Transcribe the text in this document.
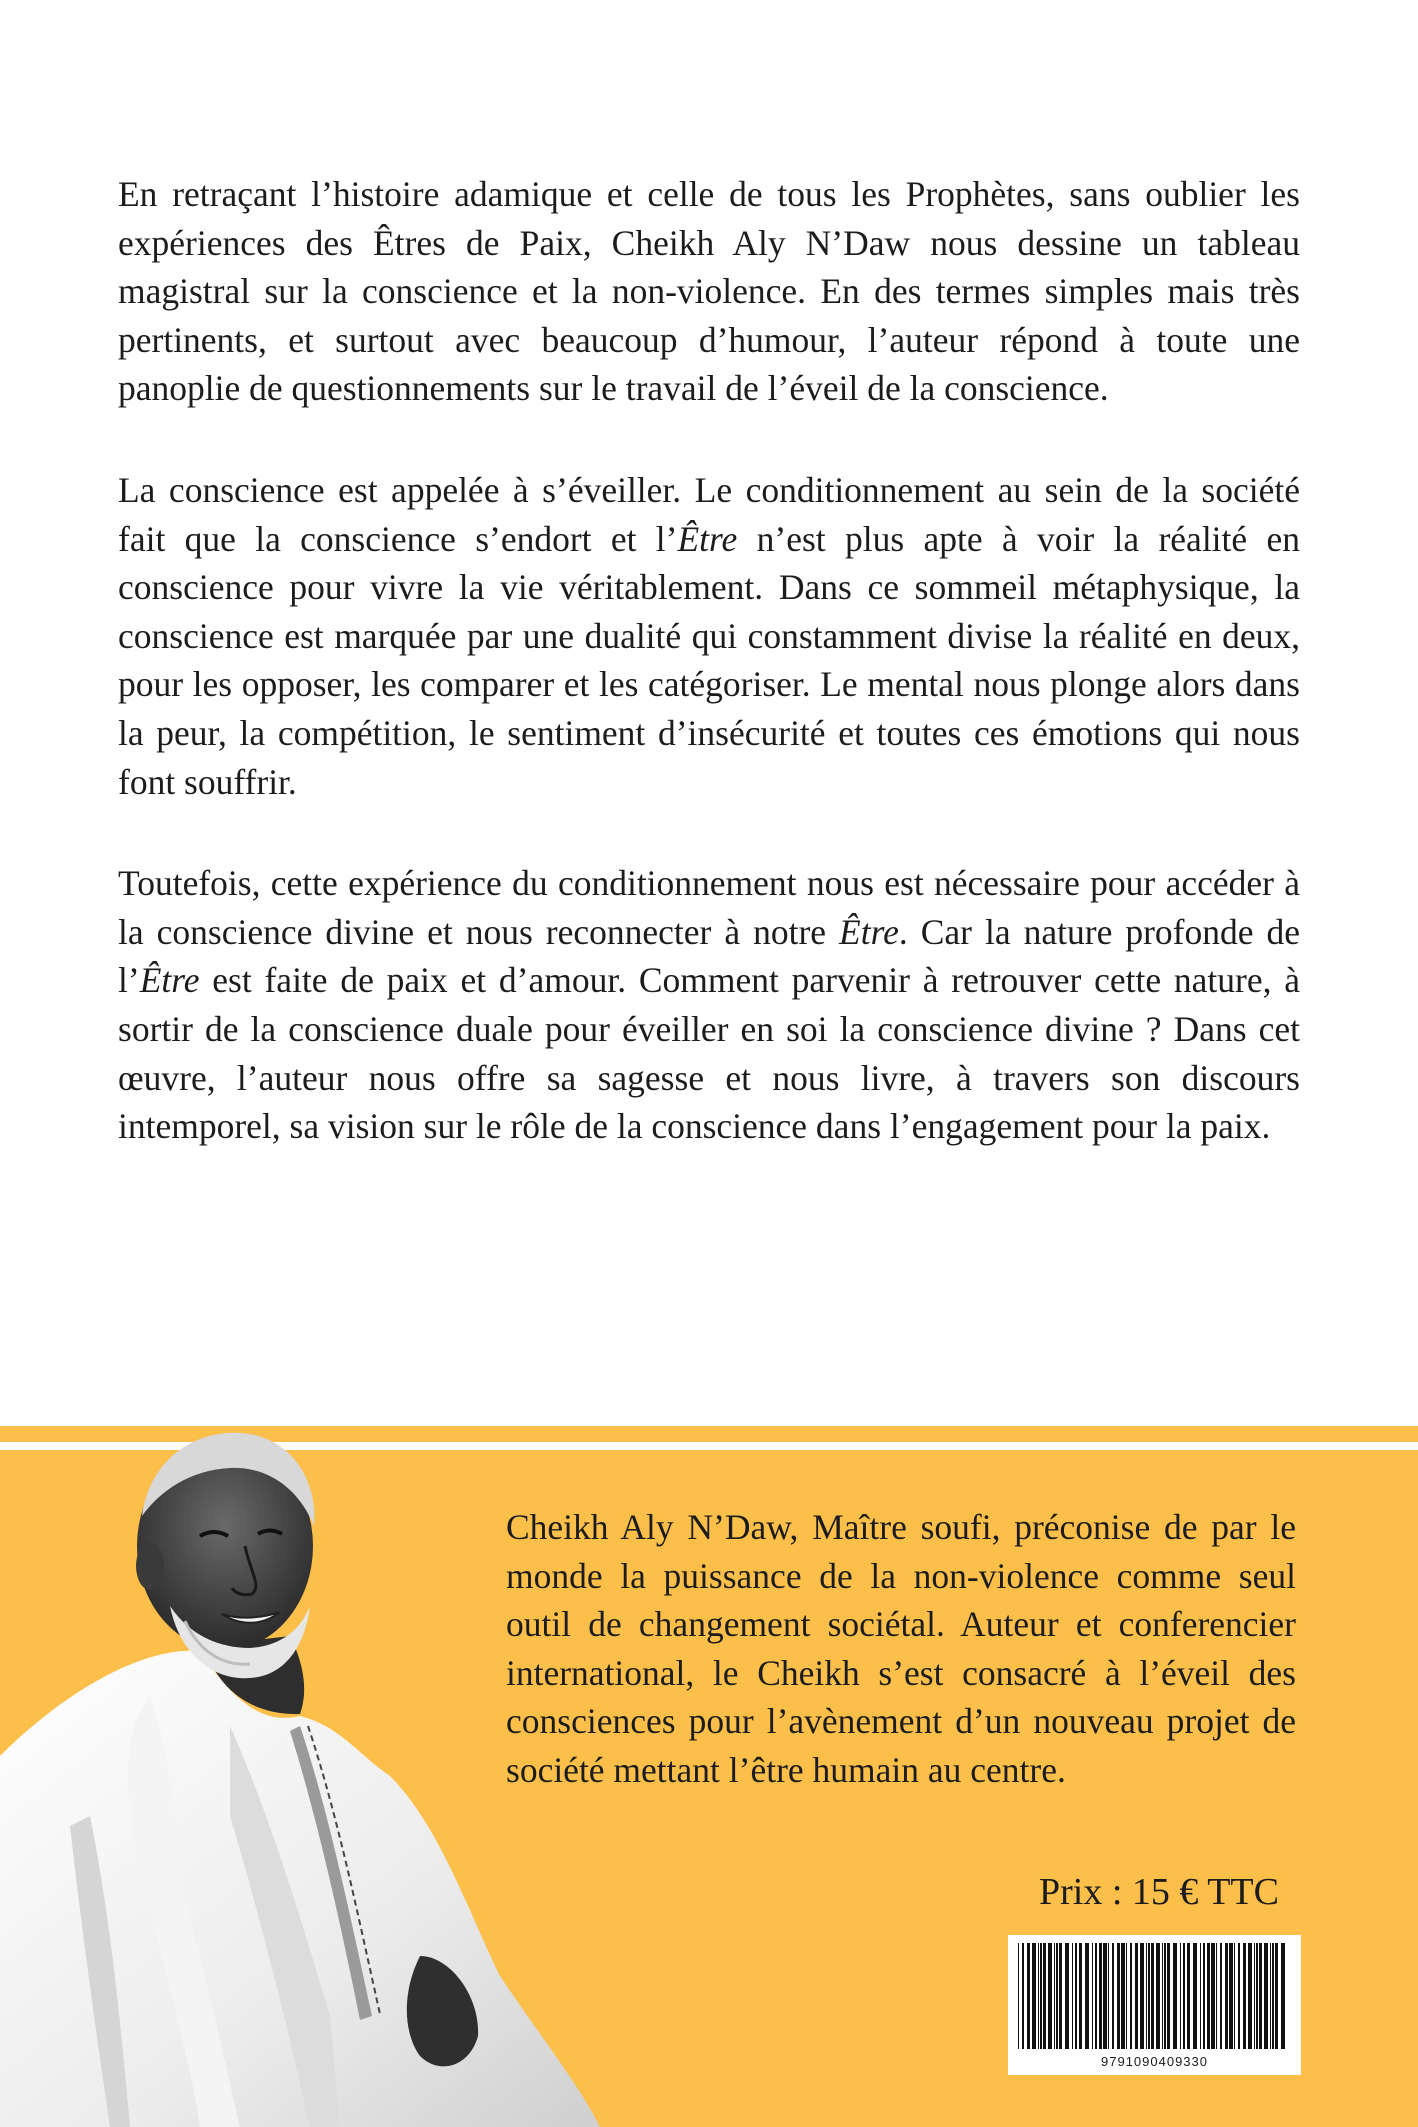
En retraçant l’histoire adamique et celle de tous les Prophètes, sans oublier les expériences des Êtres de Paix, Cheikh Aly N’Daw nous dessine un tableau magistral sur la conscience et la non-violence. En des termes simples mais très pertinents, et surtout avec beaucoup d’humour, l’auteur répond à toute une panoplie de questionnements sur le travail de l’éveil de la conscience.

La conscience est appelée à s’éveiller. Le conditionnement au sein de la société fait que la conscience s’endort et l’Être n’est plus apte à voir la réalité en conscience pour vivre la vie véritablement. Dans ce sommeil métaphysique, la conscience est marquée par une dualité qui constamment divise la réalité en deux, pour les opposer, les comparer et les catégoriser. Le mental nous plonge alors dans la peur, la compétition, le sentiment d’insécurité et toutes ces émotions qui nous font souffrir.

Toutefois, cette expérience du conditionnement nous est nécessaire pour accéder à la conscience divine et nous reconnecter à notre Être. Car la nature profonde de l’Être est faite de paix et d’amour. Comment parvenir à retrouver cette nature, à sortir de la conscience duale pour éveiller en soi la conscience divine ? Dans cet œuvre, l’auteur nous offre sa sagesse et nous livre, à travers son discours intemporel, sa vision sur le rôle de la conscience dans l’engagement pour la paix.

Cheikh Aly N’Daw, Maître soufi, préconise de par le monde la puissance de la non-violence comme seul outil de changement sociétal. Auteur et conferencier international, le Cheikh s’est consacré à l’éveil des consciences pour l’avènement d’un nouveau projet de société mettant l’être humain au centre.

Prix : 15 € TTC
9791090409330
